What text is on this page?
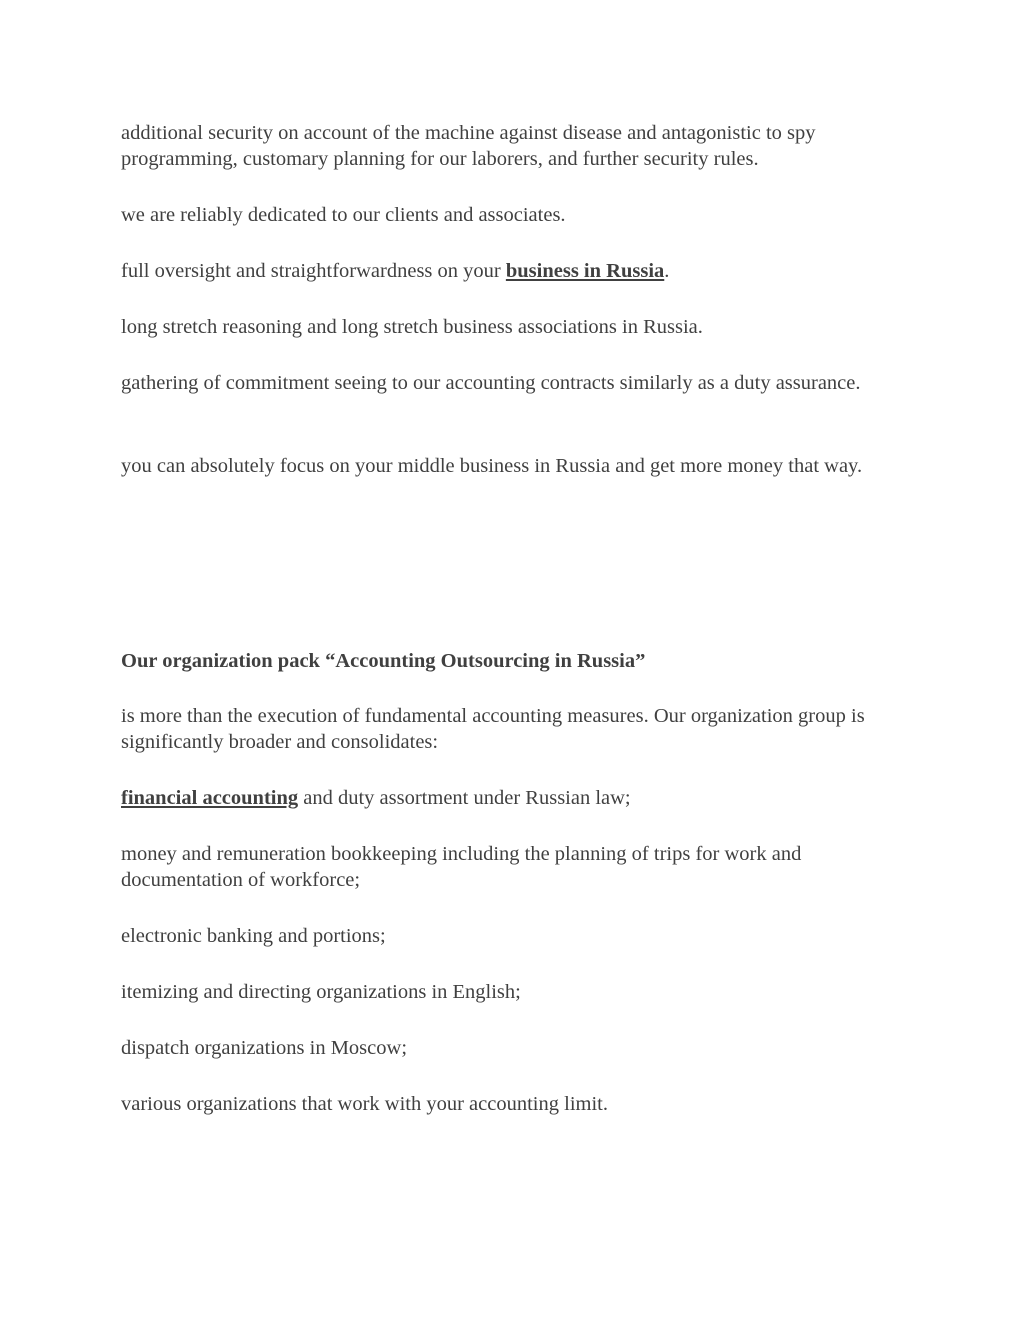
additional security on account of the machine against disease and antagonistic to spy programming, customary planning for our laborers, and further security rules.

we are reliably dedicated to our clients and associates.

full oversight and straightforwardness on your business in Russia.

long stretch reasoning and long stretch business associations in Russia.

gathering of commitment seeing to our accounting contracts similarly as a duty assurance.

you can absolutely focus on your middle business in Russia and get more money that way.

Our organization pack “Accounting Outsourcing in Russia”

is more than the execution of fundamental accounting measures. Our organization group is significantly broader and consolidates:

financial accounting and duty assortment under Russian law;

money and remuneration bookkeeping including the planning of trips for work and documentation of workforce;

electronic banking and portions;

itemizing and directing organizations in English;

dispatch organizations in Moscow;

various organizations that work with your accounting limit.
